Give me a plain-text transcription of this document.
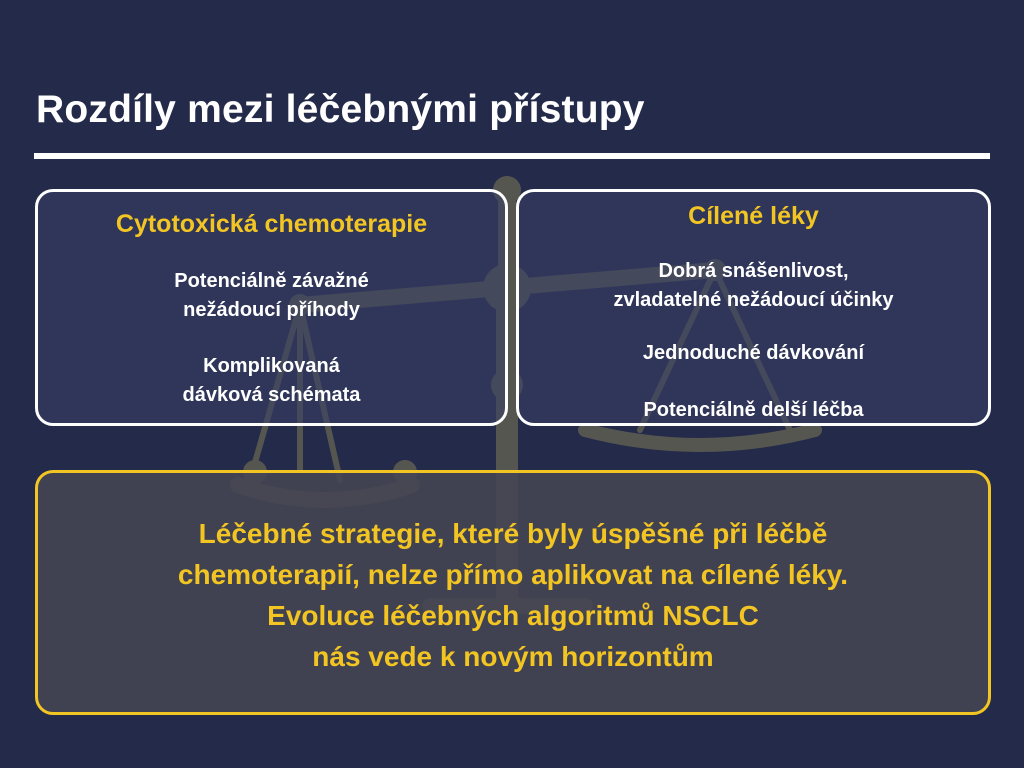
Rozdíly mezi léčebnými přístupy
Cytotoxická chemoterapie
Potenciálně závažné
nežádoucí příhody
Komplikovaná
dávková schémata
Cílené léky
Dobrá snášenlivost,
zvladatelné nežádoucí účinky
Jednoduché dávkování
Potenciálně delší léčba
Léčebné strategie, které byly úspěšné při léčbě
chemoterapií, nelze přímo aplikovat na cílené léky.
Evoluce léčebných algoritmů NSCLC
nás vede k novým horizontům
